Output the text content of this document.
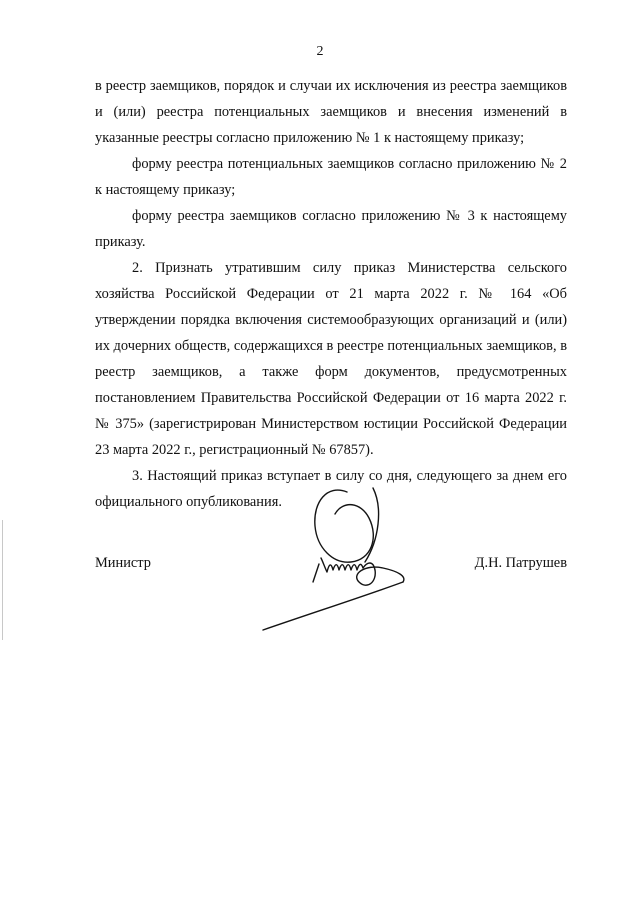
2

в реестр заемщиков, порядок и случаи их исключения из реестра заемщиков и (или) реестра потенциальных заемщиков и внесения изменений в указанные реестры согласно приложению № 1 к настоящему приказу;

форму реестра потенциальных заемщиков согласно приложению № 2 к настоящему приказу;

форму реестра заемщиков согласно приложению № 3 к настоящему приказу.

2. Признать утратившим силу приказ Министерства сельского хозяйства Российской Федерации от 21 марта 2022 г. № 164 «Об утверждении порядка включения системообразующих организаций и (или) их дочерних обществ, содержащихся в реестре потенциальных заемщиков, в реестр заемщиков, а также форм документов, предусмотренных постановлением Правительства Российской Федерации от 16 марта 2022 г. № 375» (зарегистрирован Министерством юстиции Российской Федерации 23 марта 2022 г., регистрационный № 67857).

3. Настоящий приказ вступает в силу со дня, следующего за днем его официального опубликования.

Министр	Д.Н. Патрушев
